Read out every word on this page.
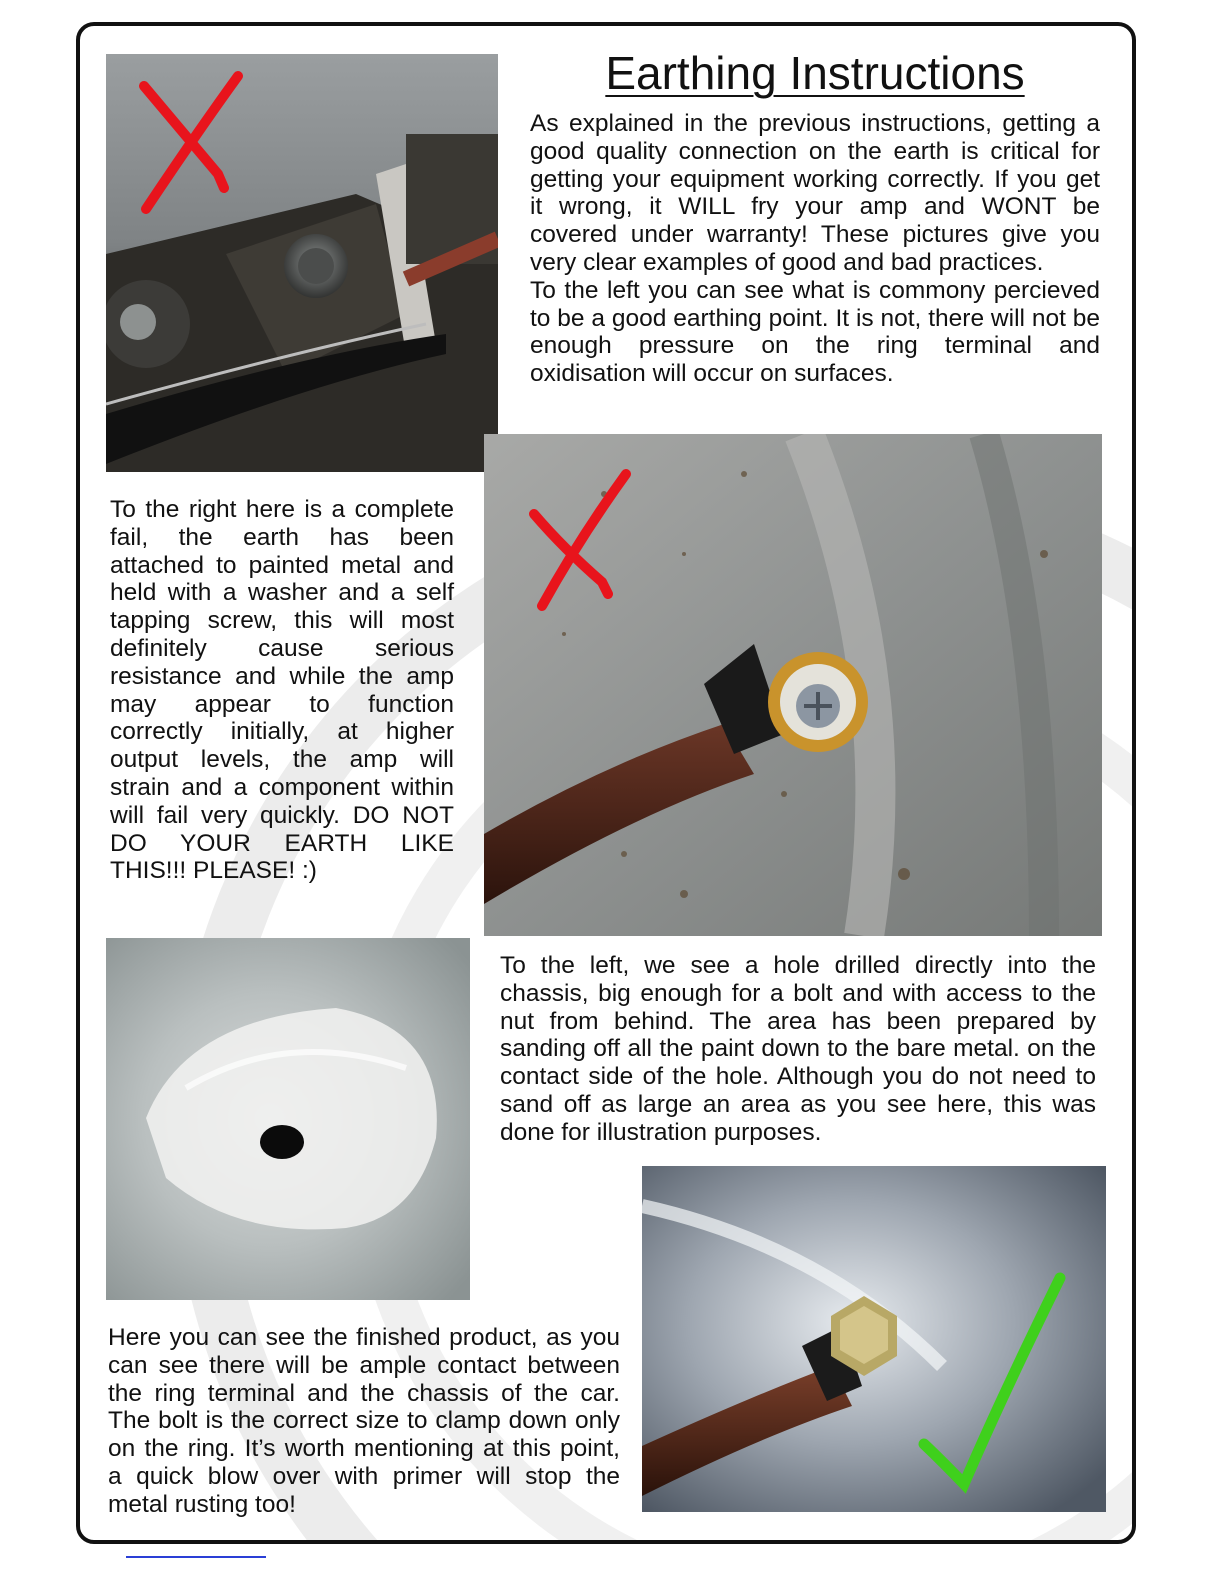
Earthing Instructions

As explained in the previous instructions, getting a good quality connection on the earth is critical for getting your equipment working correctly. If you get it wrong, it WILL fry your amp and WONT be covered under warranty! These pictures give you very clear examples of good and bad practices.
To the left you can see what is commony percieved to be a good earthing point. It is not, there will not be enough pressure on the ring terminal and oxidisation will occur on surfaces.

To the right here is a complete fail, the earth has been attached to painted metal and held with a washer and a self tapping screw, this will most definitely cause serious resistance and while the amp may appear to function correctly initially, at higher output levels, the amp will strain and a component within will fail very quickly. DO NOT DO YOUR EARTH LIKE THIS!!! PLEASE! :)

To the left, we see a hole drilled directly into the chassis, big enough for a bolt and with access to the nut from behind. The area has been prepared by sanding off all the paint down to the bare metal. on the contact side of the hole. Although you do not need to sand off as large an area as you see here, this was done for illustration purposes.

Here you can see the finished product, as you can see there will be ample contact between the ring terminal and the chassis of the car. The bolt is the correct size to clamp down only on the ring. It’s worth mentioning at this point, a quick blow over with primer will stop the metal rusting too!
